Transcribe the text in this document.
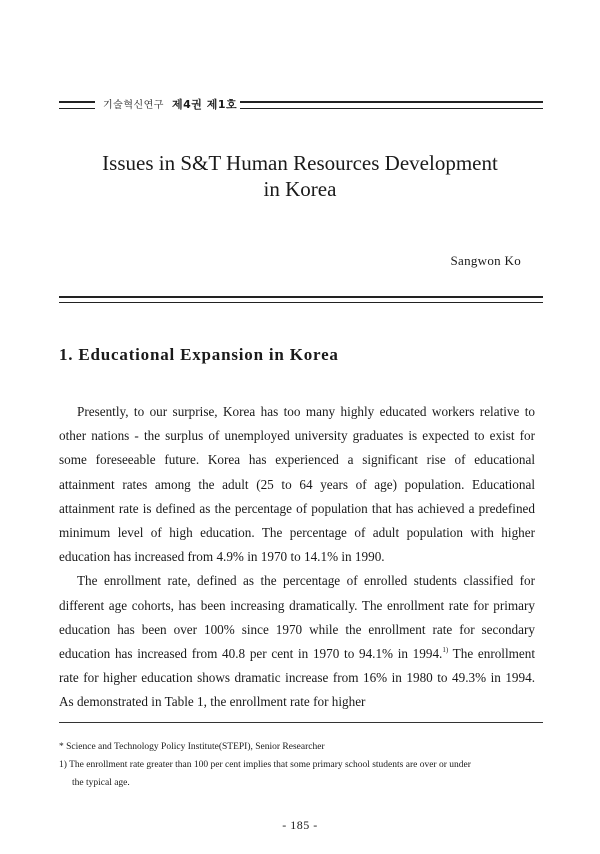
기술혁신연구 제4권 제1호
Issues in S&T Human Resources Development
in Korea
Sangwon Ko
1. Educational Expansion in Korea

Presently, to our surprise, Korea has too many highly educated workers relative to other nations - the surplus of unemployed university graduates is expected to exist for some foreseeable future. Korea has experienced a significant rise of educational attainment rates among the adult (25 to 64 years of age) population. Educational attainment rate is defined as the percentage of population that has achieved a predefined minimum level of high education. The percentage of adult population with higher education has increased from 4.9% in 1970 to 14.1% in 1990.

The enrollment rate, defined as the percentage of enrolled students classified for different age cohorts, has been increasing dramatically. The enrollment rate for primary education has been over 100% since 1970 while the enrollment rate for secondary education has increased from 40.8 per cent in 1970 to 94.1% in 1994.$^{1)}$ The enrollment rate for higher education shows dramatic increase from 16% in 1980 to 49.3% in 1994. As demonstrated in Table 1, the enrollment rate for higher

* Science and Technology Policy Institute(STEPI), Senior Researcher

1) The enrollment rate greater than 100 per cent implies that some primary school students are over or under

the typical age.

- 185 -
